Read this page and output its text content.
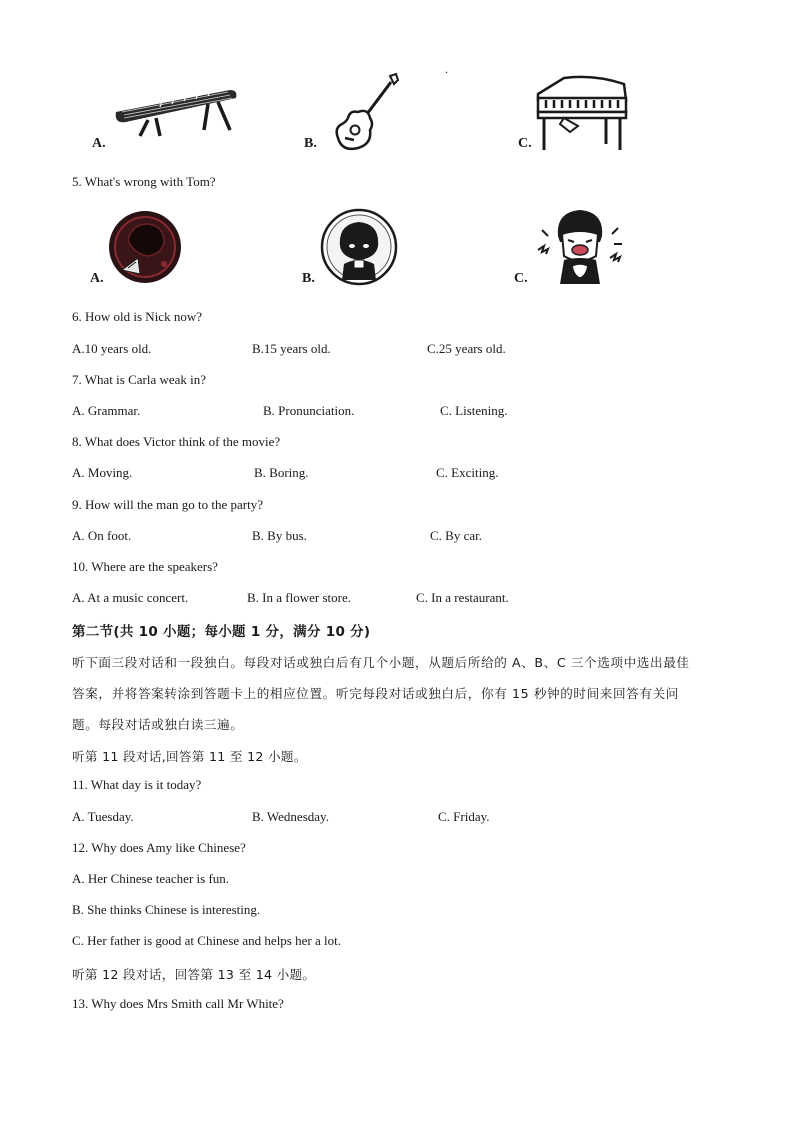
.
A.	B.	C.
5. What's wrong with Tom?
A.	B.	C.
6. How old is Nick now?
A.10 years old.	B.15 years old.	C.25 years old.
7. What is Carla weak in?
A. Grammar.	B. Pronunciation.	C. Listening.
8. What does Victor think of the movie?
A. Moving.	B. Boring.	C. Exciting.
9. How will the man go to the party?
A. On foot.	B. By bus.	C. By car.
10. Where are the speakers?
A. At a music concert.	B. In a flower store.	C. In a restaurant.
第二节(共 10 小题；每小题 1 分，满分 10 分)
听下面三段对话和一段独白。每段对话或独白后有几个小题，从题后所给的 A、B、C 三个选项中选出最佳
答案，并将答案转涂到答题卡上的相应位置。听完每段对话或独白后，你有 15 秒钟的时间来回答有关问
题。每段对话或独白读三遍。
听第 11 段对话,回答第 11 至 12 小题。
11. What day is it today?
A. Tuesday.	B. Wednesday.	C. Friday.
12. Why does Amy like Chinese?
A. Her Chinese teacher is fun.
B. She thinks Chinese is interesting.
C. Her father is good at Chinese and helps her a lot.
听第 12 段对话，回答第 13 至 14 小题。
13. Why does Mrs Smith call Mr White?
